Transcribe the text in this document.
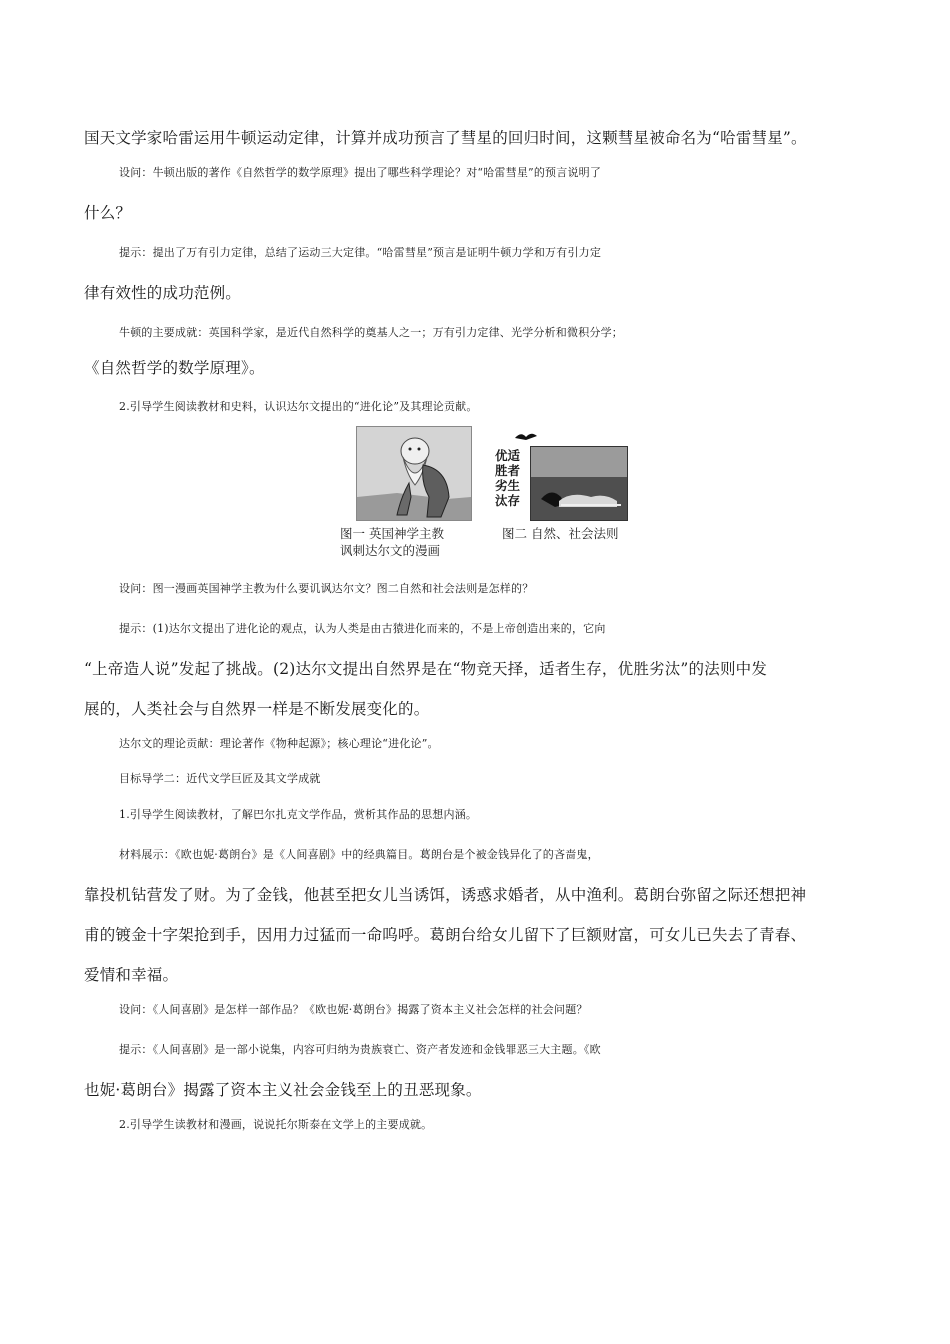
国天文学家哈雷运用牛顿运动定律，计算并成功预言了彗星的回归时间，这颗彗星被命名为“哈雷彗星”。
设问：牛顿出版的著作《自然哲学的数学原理》提出了哪些科学理论？对“哈雷彗星”的预言说明了
什么？
提示：提出了万有引力定律，总结了运动三大定律。“哈雷彗星”预言是证明牛顿力学和万有引力定
律有效性的成功范例。
牛顿的主要成就：英国科学家，是近代自然科学的奠基人之一；万有引力定律、光学分析和微积分学；
《自然哲学的数学原理》。
2.引导学生阅读教材和史料，认识达尔文提出的“进化论”及其理论贡献。
优适
胜者
劣生
汰存
图一 英国神学主教
讽刺达尔文的漫画
图二 自然、社会法则
设问：图一漫画英国神学主教为什么要讥讽达尔文？图二自然和社会法则是怎样的？
提示：(1)达尔文提出了进化论的观点，认为人类是由古猿进化而来的，不是上帝创造出来的，它向
“上帝造人说”发起了挑战。(2)达尔文提出自然界是在“物竞天择，适者生存，优胜劣汰”的法则中发
展的，人类社会与自然界一样是不断发展变化的。
达尔文的理论贡献：理论著作《物种起源》；核心理论“进化论”。
目标导学二：近代文学巨匠及其文学成就
1.引导学生阅读教材，了解巴尔扎克文学作品，赏析其作品的思想内涵。
材料展示：《欧也妮·葛朗台》是《人间喜剧》中的经典篇目。葛朗台是个被金钱异化了的吝啬鬼，
靠投机钻营发了财。为了金钱，他甚至把女儿当诱饵，诱惑求婚者，从中渔利。葛朗台弥留之际还想把神
甫的镀金十字架抢到手，因用力过猛而一命呜呼。葛朗台给女儿留下了巨额财富，可女儿已失去了青春、
爱情和幸福。
设问：《人间喜剧》是怎样一部作品？《欧也妮·葛朗台》揭露了资本主义社会怎样的社会问题？
提示：《人间喜剧》是一部小说集，内容可归纳为贵族衰亡、资产者发迹和金钱罪恶三大主题。《欧
也妮·葛朗台》揭露了资本主义社会金钱至上的丑恶现象。
2.引导学生读教材和漫画，说说托尔斯泰在文学上的主要成就。
